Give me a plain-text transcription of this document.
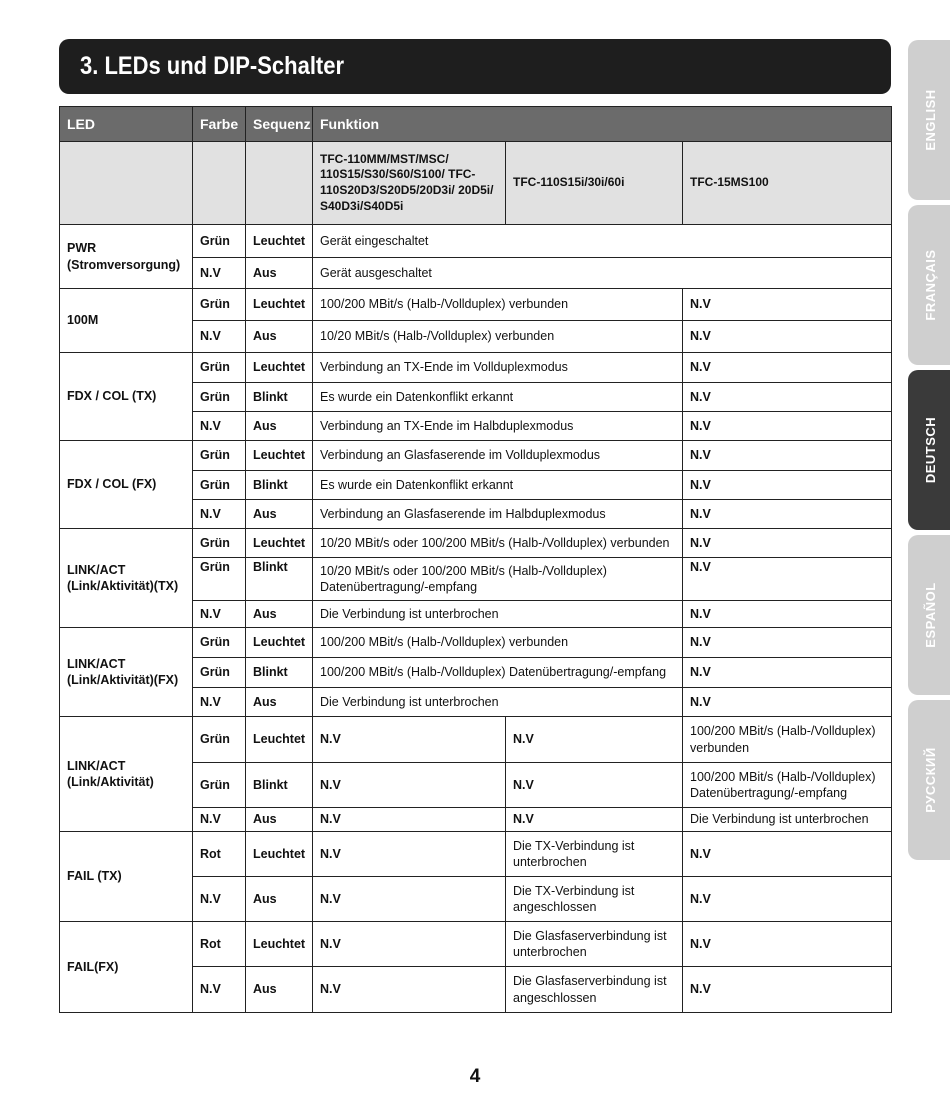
3. LEDs und DIP-Schalter
ENGLISH
FRANÇAIS
DEUTSCH
ESPAÑOL
РУССКИЙ
LED	Farbe	Sequenz	Funktion		
			TFC-110MM/MST/MSC/ 110S15/S30/S60/S100/ TFC-110S20D3/S20D5/20D3i/ 20D5i/ S40D3i/S40D5i	TFC-110S15i/30i/60i	TFC-15MS100
PWR (Stromversorgung)	Grün	Leuchtet	Gerät eingeschaltet		
	N.V	Aus	Gerät ausgeschaltet		
100M	Grün	Leuchtet	100/200 MBit/s (Halb-/Vollduplex) verbunden		N.V
	N.V	Aus	10/20 MBit/s (Halb-/Vollduplex) verbunden		N.V
FDX / COL (TX)	Grün	Leuchtet	Verbindung an TX-Ende im Vollduplexmodus		N.V
	Grün	Blinkt	Es wurde ein Datenkonflikt erkannt		N.V
	N.V	Aus	Verbindung an TX-Ende im Halbduplexmodus		N.V
FDX / COL (FX)	Grün	Leuchtet	Verbindung an Glasfaserende im Vollduplexmodus		N.V
	Grün	Blinkt	Es wurde ein Datenkonflikt erkannt		N.V
	N.V	Aus	Verbindung an Glasfaserende im Halbduplexmodus		N.V
LINK/ACT (Link/Aktivität)(TX)	Grün	Leuchtet	10/20 MBit/s oder 100/200 MBit/s (Halb-/Vollduplex) verbunden		N.V
	Grün	Blinkt	10/20 MBit/s oder 100/200 MBit/s (Halb-/Vollduplex) Datenübertragung/-empfang		N.V
	N.V	Aus	Die Verbindung ist unterbrochen		N.V
LINK/ACT (Link/Aktivität)(FX)	Grün	Leuchtet	100/200 MBit/s (Halb-/Vollduplex) verbunden		N.V
	Grün	Blinkt	100/200 MBit/s (Halb-/Vollduplex) Datenübertragung/-empfang		N.V
	N.V	Aus	Die Verbindung ist unterbrochen		N.V
LINK/ACT (Link/Aktivität)	Grün	Leuchtet	N.V	N.V	100/200 MBit/s (Halb-/Vollduplex) verbunden
	Grün	Blinkt	N.V	N.V	100/200 MBit/s (Halb-/Vollduplex) Datenübertragung/-empfang
	N.V	Aus	N.V	N.V	Die Verbindung ist unterbrochen
FAIL (TX)	Rot	Leuchtet	N.V	Die TX-Verbindung ist unterbrochen	N.V
	N.V	Aus	N.V	Die TX-Verbindung ist angeschlossen	N.V
FAIL(FX)	Rot	Leuchtet	N.V	Die Glasfaserverbindung ist unterbrochen	N.V
	N.V	Aus	N.V	Die Glasfaserverbindung ist angeschlossen	N.V
4
